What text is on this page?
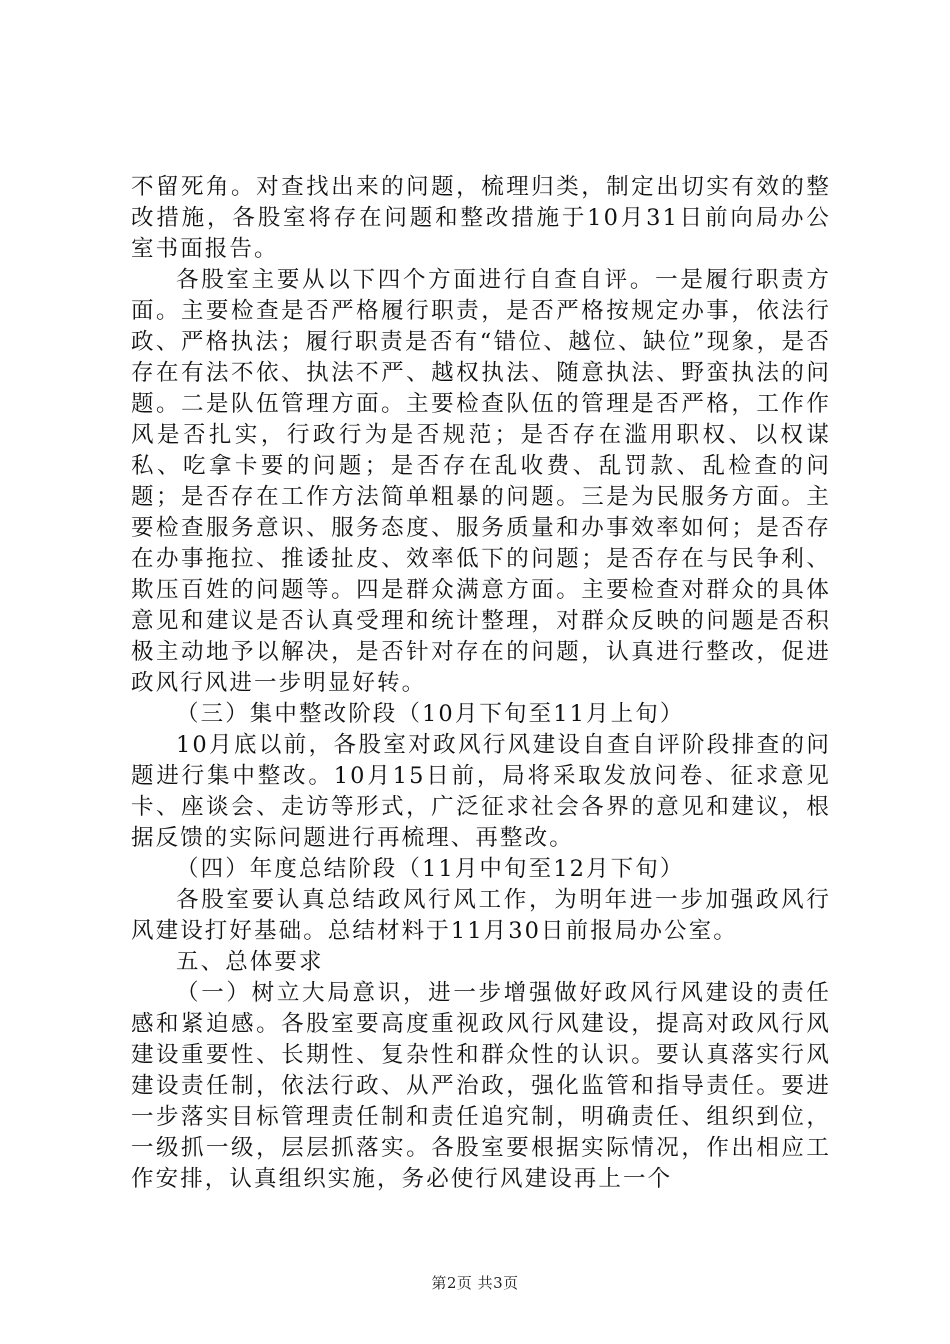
不留死角。对查找出来的问题，梳理归类，制定出切实有效的整改措施，各股室将存在问题和整改措施于10月31日前向局办公室书面报告。

各股室主要从以下四个方面进行自查自评。一是履行职责方面。主要检查是否严格履行职责，是否严格按规定办事，依法行政、严格执法；履行职责是否有“错位、越位、缺位”现象，是否存在有法不依、执法不严、越权执法、随意执法、野蛮执法的问题。二是队伍管理方面。主要检查队伍的管理是否严格，工作作风是否扎实，行政行为是否规范；是否存在滥用职权、以权谋私、吃拿卡要的问题；是否存在乱收费、乱罚款、乱检查的问题；是否存在工作方法简单粗暴的问题。三是为民服务方面。主要检查服务意识、服务态度、服务质量和办事效率如何；是否存在办事拖拉、推诿扯皮、效率低下的问题；是否存在与民争利、欺压百姓的问题等。四是群众满意方面。主要检查对群众的具体意见和建议是否认真受理和统计整理，对群众反映的问题是否积极主动地予以解决，是否针对存在的问题，认真进行整改，促进政风行风进一步明显好转。

（三）集中整改阶段（10月下旬至11月上旬）

10月底以前，各股室对政风行风建设自查自评阶段排查的问题进行集中整改。10月15日前，局将采取发放问卷、征求意见卡、座谈会、走访等形式，广泛征求社会各界的意见和建议，根据反馈的实际问题进行再梳理、再整改。

（四）年度总结阶段（11月中旬至12月下旬）

各股室要认真总结政风行风工作，为明年进一步加强政风行风建设打好基础。总结材料于11月30日前报局办公室。

五、总体要求

（一）树立大局意识，进一步增强做好政风行风建设的责任感和紧迫感。各股室要高度重视政风行风建设，提高对政风行风建设重要性、长期性、复杂性和群众性的认识。要认真落实行风建设责任制，依法行政、从严治政，强化监管和指导责任。要进一步落实目标管理责任制和责任追究制，明确责任、组织到位，一级抓一级，层层抓落实。各股室要根据实际情况，作出相应工作安排，认真组织实施，务必使行风建设再上一个

第2页 共3页
